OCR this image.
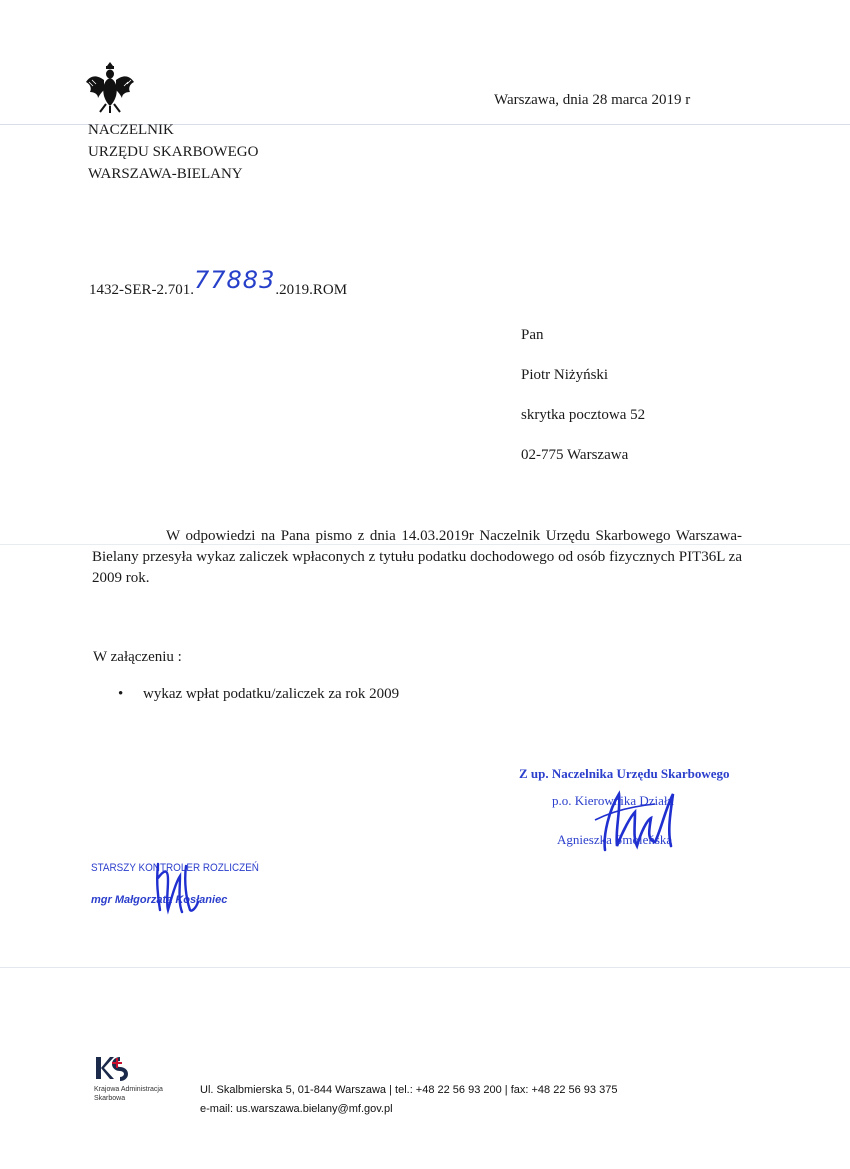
NACZELNIK
URZĘDU SKARBOWEGO
WARSZAWA-BIELANY
Warszawa, dnia 28 marca 2019 r
1432-SER-2.701.77883.2019.ROM
Pan
Piotr Niżyński
skrytka pocztowa 52
02-775 Warszawa

W odpowiedzi na Pana pismo z dnia 14.03.2019r Naczelnik Urzędu Skarbowego Warszawa-Bielany przesyła wykaz zaliczek wpłaconych z tytułu podatku dochodowego od osób fizycznych PIT36L za 2009 rok.

W załączeniu :
• wykaz wpłat podatku/zaliczek za rok 2009
Z up. Naczelnika Urzędu Skarbowego
p.o. Kierownika Działu
Agnieszka Smoleńska
STARSZY KONTROLER ROZLICZEŃ
mgr Małgorzata Kosłaniec
Krajowa Administracja
Skarbowa
Ul. Skalbmierska 5, 01-844 Warszawa | tel.: +48 22 56 93 200 | fax: +48 22 56 93 375
e-mail: us.warszawa.bielany@mf.gov.pl
